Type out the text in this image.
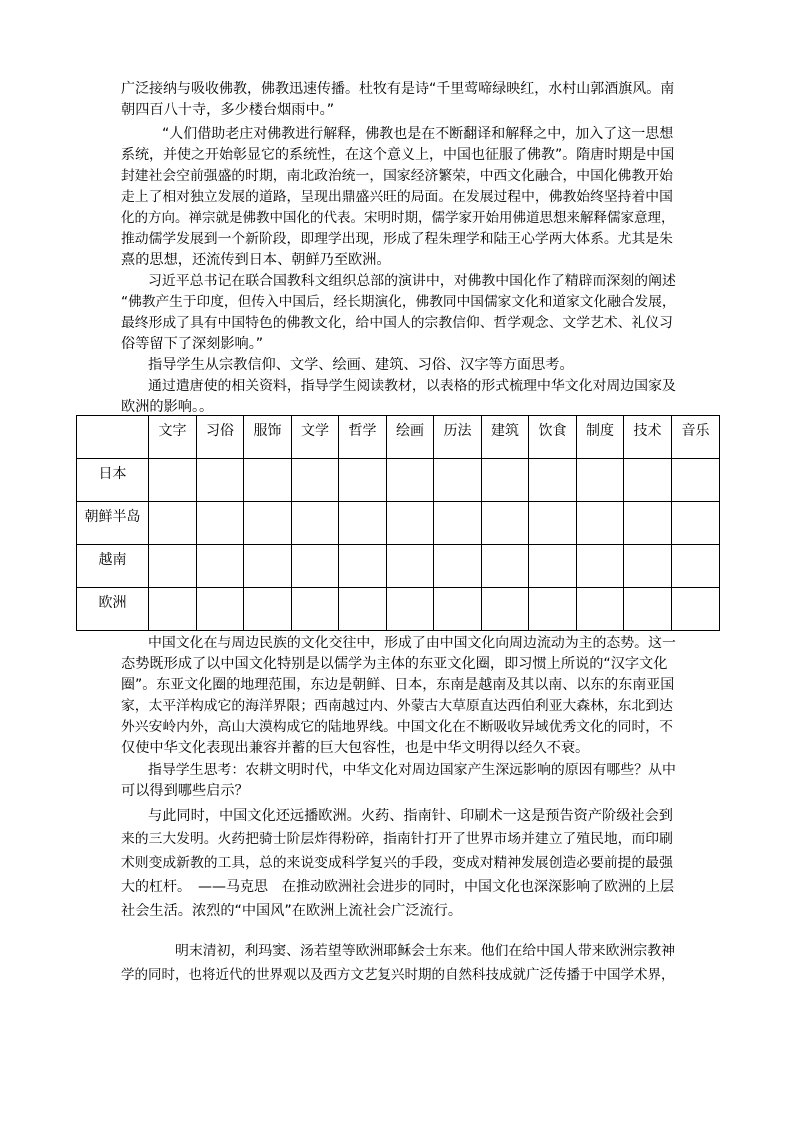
广泛接纳与吸收佛教，佛教迅速传播。杜牧有是诗“千里莺啼绿映红，水村山郭酒旗风。南
朝四百八十寺，多少楼台烟雨中。”
“人们借助老庄对佛教进行解释，佛教也是在不断翻译和解释之中，加入了这一思想
系统，并使之开始彰显它的系统性，在这个意义上，中国也征服了佛教”。隋唐时期是中国
封建社会空前强盛的时期，南北政治统一，国家经济繁荣，中西文化融合，中国化佛教开始
走上了相对独立发展的道路，呈现出鼎盛兴旺的局面。在发展过程中，佛教始终坚持着中国
化的方向。禅宗就是佛教中国化的代表。宋明时期，儒学家开始用佛道思想来解释儒家意理，
推动儒学发展到一个新阶段，即理学出现，形成了程朱理学和陆王心学两大体系。尤其是朱
熹的思想，还流传到日本、朝鲜乃至欧洲。
习近平总书记在联合国教科文组织总部的演讲中，对佛教中国化作了精辟而深刻的阐述
“佛教产生于印度，但传入中国后，经长期演化，佛教同中国儒家文化和道家文化融合发展，
最终形成了具有中国特色的佛教文化，给中国人的宗教信仰、哲学观念、文学艺术、礼仪习
俗等留下了深刻影响。”
指导学生从宗教信仰、文学、绘画、建筑、习俗、汉字等方面思考。
通过遣唐使的相关资料，指导学生阅读教材，以表格的形式梳理中华文化对周边国家及
欧洲的影响。。
	文字	习俗	服饰	文学	哲学	绘画	历法	建筑	饮食	制度	技术	音乐
日本												
朝鲜半岛												
越南												
欧洲												
中国文化在与周边民族的文化交往中，形成了由中国文化向周边流动为主的态势。这一
态势既形成了以中国文化特别是以儒学为主体的东亚文化圈，即习惯上所说的“汉字文化
圈”。东亚文化圈的地理范围，东边是朝鲜、日本，东南是越南及其以南、以东的东南亚国
家，太平洋构成它的海洋界限；西南越过内、外蒙古大草原直达西伯利亚大森林，东北到达
外兴安岭内外，高山大漠构成它的陆地界线。中国文化在不断吸收异域优秀文化的同时，不
仅使中华文化表现出兼容并蓄的巨大包容性，也是中华文明得以经久不衰。
指导学生思考：农耕文明时代，中华文化对周边国家产生深远影响的原因有哪些？从中
可以得到哪些启示？
与此同时，中国文化还远播欧洲。火药、指南针、印刷术一这是预告资产阶级社会到
来的三大发明。火药把骑士阶层炸得粉碎，指南针打开了世界市场并建立了殖民地，而印刷
术则变成新教的工具，总的来说变成科学复兴的手段，变成对精神发展创造必要前提的最强
大的杠杆。　——马克思　在推动欧洲社会进步的同时，中国文化也深深影响了欧洲的上层
社会生活。浓烈的“中国风”在欧洲上流社会广泛流行。
明末清初，利玛窦、汤若望等欧洲耶稣会士东来。他们在给中国人带来欧洲宗教神
学的同时，也将近代的世界观以及西方文艺复兴时期的自然科技成就广泛传播于中国学术界，
